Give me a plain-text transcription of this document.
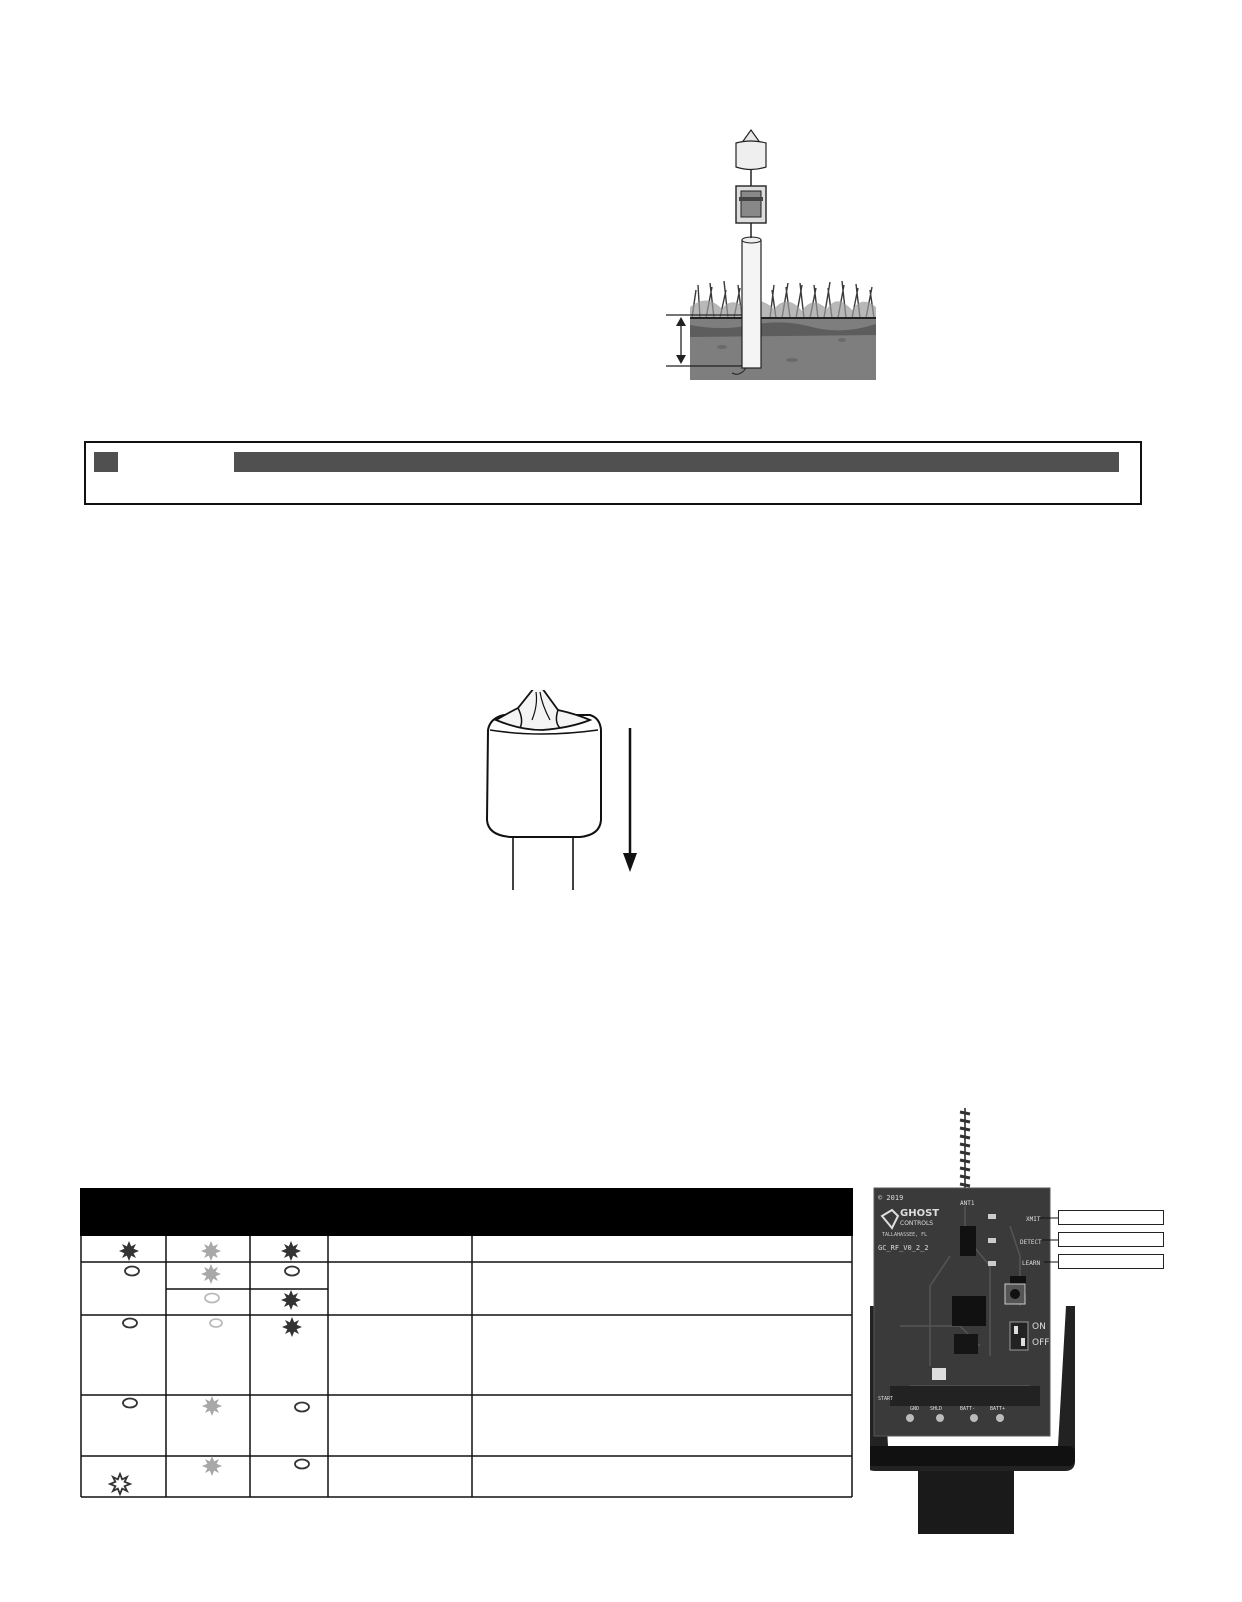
© 2019
GHOST
CONTROLS
TALLAHASSEE, FL
GC_RF_V0_2_2
ANT1
XMIT
DETECT
LEARN
ON
OFF
START
GND SHLD	BATT-	BATT+
